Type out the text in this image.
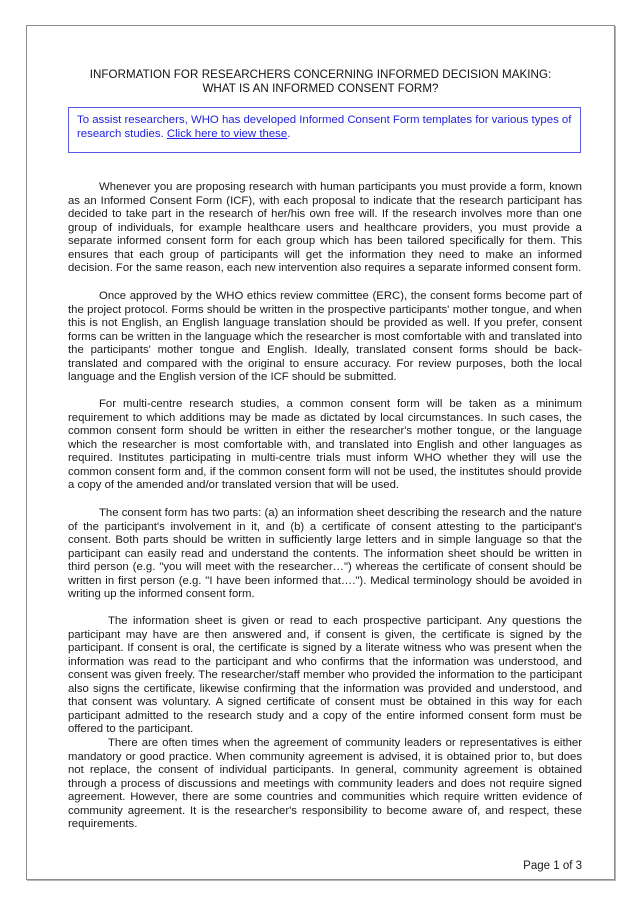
INFORMATION FOR RESEARCHERS CONCERNING INFORMED DECISION MAKING:
WHAT IS AN INFORMED CONSENT FORM?
To assist researchers, WHO has developed Informed Consent Form templates for various types of research studies. Click here to view these.

Whenever you are proposing research with human participants you must provide a form, known as an Informed Consent Form (ICF), with each proposal to indicate that the research participant has decided to take part in the research of her/his own free will. If the research involves more than one group of individuals, for example healthcare users and healthcare providers, you must provide a separate informed consent form for each group which has been tailored specifically for them. This ensures that each group of participants will get the information they need to make an informed decision. For the same reason, each new intervention also requires a separate informed consent form.

Once approved by the WHO ethics review committee (ERC), the consent forms become part of the project protocol. Forms should be written in the prospective participants' mother tongue, and when this is not English, an English language translation should be provided as well. If you prefer, consent forms can be written in the language which the researcher is most comfortable with and translated into the participants' mother tongue and English. Ideally, translated consent forms should be back-translated and compared with the original to ensure accuracy. For review purposes, both the local language and the English version of the ICF should be submitted.

For multi-centre research studies, a common consent form will be taken as a minimum requirement to which additions may be made as dictated by local circumstances. In such cases, the common consent form should be written in either the researcher's mother tongue, or the language which the researcher is most comfortable with, and translated into English and other languages as required. Institutes participating in multi-centre trials must inform WHO whether they will use the common consent form and, if the common consent form will not be used, the institutes should provide a copy of the amended and/or translated version that will be used.

The consent form has two parts: (a) an information sheet describing the research and the nature of the participant's involvement in it, and (b) a certificate of consent attesting to the participant's consent. Both parts should be written in sufficiently large letters and in simple language so that the participant can easily read and understand the contents. The information sheet should be written in third person (e.g. "you will meet with the researcher…") whereas the certificate of consent should be written in first person (e.g. "I have been informed that…."). Medical terminology should be avoided in writing up the informed consent form.

The information sheet is given or read to each prospective participant. Any questions the participant may have are then answered and, if consent is given, the certificate is signed by the participant. If consent is oral, the certificate is signed by a literate witness who was present when the information was read to the participant and who confirms that the information was understood, and consent was given freely. The researcher/staff member who provided the information to the participant also signs the certificate, likewise confirming that the information was provided and understood, and that consent was voluntary. A signed certificate of consent must be obtained in this way for each participant admitted to the research study and a copy of the entire informed consent form must be offered to the participant.

There are often times when the agreement of community leaders or representatives is either mandatory or good practice. When community agreement is advised, it is obtained prior to, but does not replace, the consent of individual participants. In general, community agreement is obtained through a process of discussions and meetings with community leaders and does not require signed agreement. However, there are some countries and communities which require written evidence of community agreement. It is the researcher's responsibility to become aware of, and respect, these requirements.

Page 1 of 3
